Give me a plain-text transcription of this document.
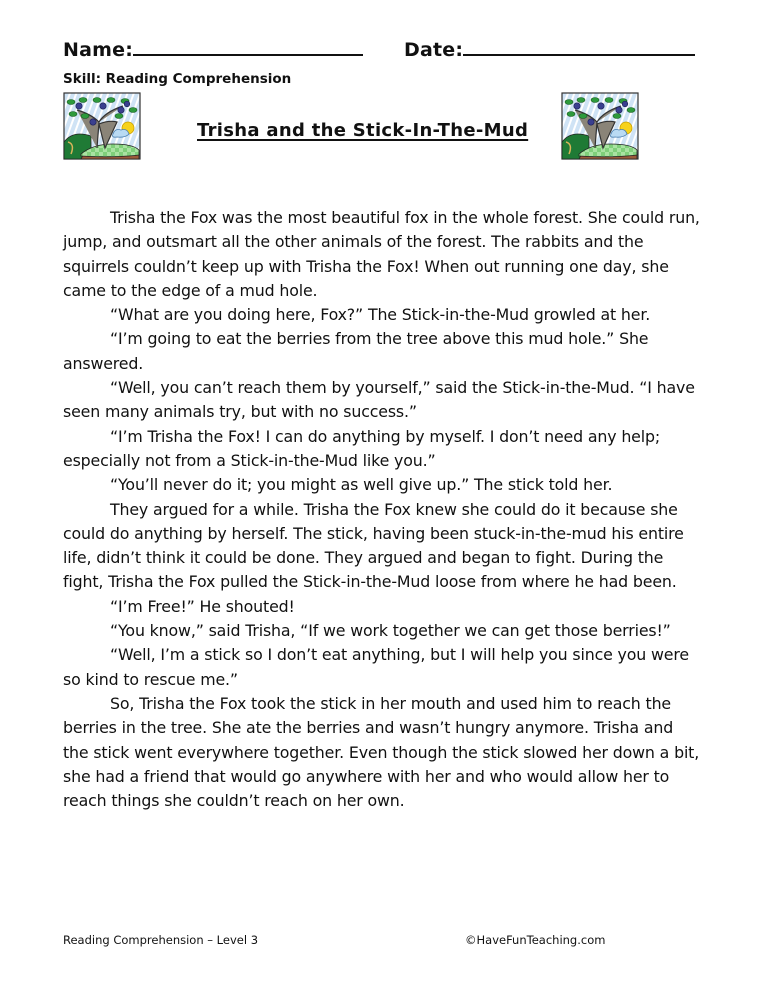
Name:	Date:
Skill: Reading Comprehension
Trisha and the Stick-In-The-Mud

Trisha the Fox was the most beautiful fox in the whole forest. She could run, jump, and outsmart all the other animals of the forest. The rabbits and the squirrels couldn’t keep up with Trisha the Fox! When out running one day, she came to the edge of a mud hole.

“What are you doing here, Fox?” The Stick-in-the-Mud growled at her.

“I’m going to eat the berries from the tree above this mud hole.” She answered.

“Well, you can’t reach them by yourself,” said the Stick-in-the-Mud. “I have seen many animals try, but with no success.”

“I’m Trisha the Fox! I can do anything by myself. I don’t need any help; especially not from a Stick-in-the-Mud like you.”

“You’ll never do it; you might as well give up.” The stick told her.

They argued for a while. Trisha the Fox knew she could do it because she could do anything by herself. The stick, having been stuck-in-the-mud his entire life, didn’t think it could be done. They argued and began to fight. During the fight, Trisha the Fox pulled the Stick-in-the-Mud loose from where he had been.

“I’m Free!” He shouted!

“You know,” said Trisha, “If we work together we can get those berries!”

“Well, I’m a stick so I don’t eat anything, but I will help you since you were so kind to rescue me.”

So, Trisha the Fox took the stick in her mouth and used him to reach the berries in the tree. She ate the berries and wasn’t hungry anymore. Trisha and the stick went everywhere together. Even though the stick slowed her down a bit, she had a friend that would go anywhere with her and who would allow her to reach things she couldn’t reach on her own.

Reading Comprehension – Level 3	©HaveFunTeaching.com
